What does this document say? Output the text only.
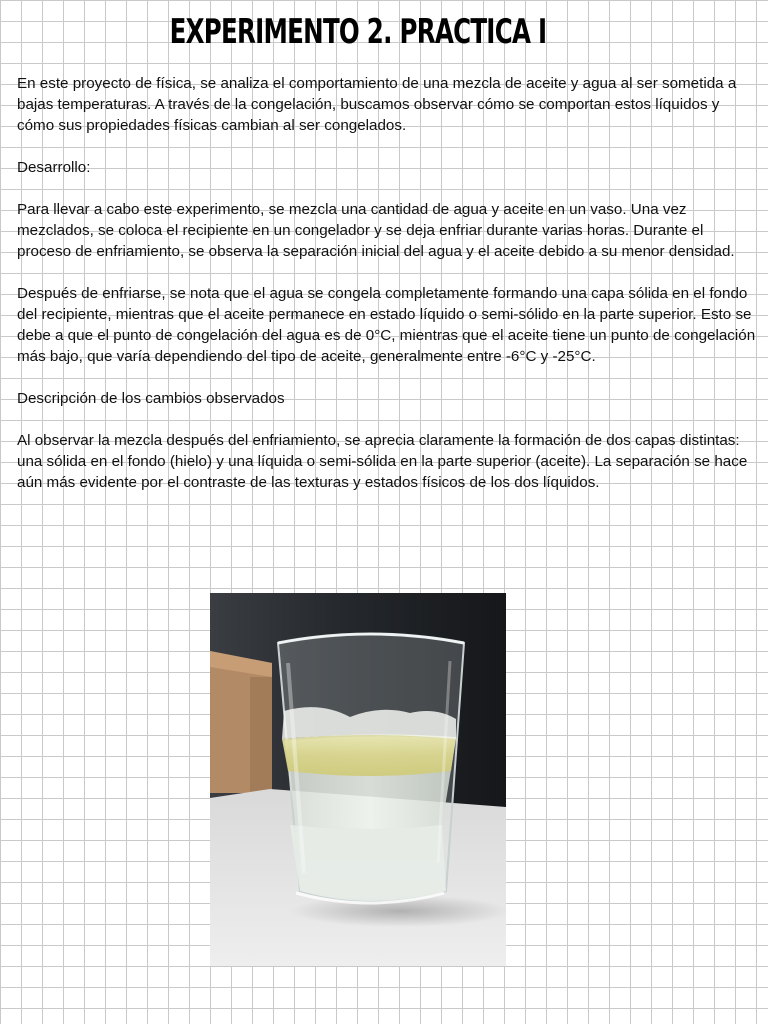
EXPERIMENTO 2. PRACTICA I

En este proyecto de física, se analiza el comportamiento de una mezcla de aceite y agua al ser sometida a bajas temperaturas. A través de la congelación, buscamos observar cómo se comportan estos líquidos y cómo sus propiedades físicas cambian al ser congelados.

Desarrollo:

Para llevar a cabo este experimento, se mezcla una cantidad de agua y aceite en un vaso. Una vez mezclados, se coloca el recipiente en un congelador y se deja enfriar durante varias horas. Durante el proceso de enfriamiento, se observa la separación inicial del agua y el aceite debido a su menor densidad.

Después de enfriarse, se nota que el agua se congela completamente formando una capa sólida en el fondo del recipiente, mientras que el aceite permanece en estado líquido o semi-sólido en la parte superior. Esto se debe a que el punto de congelación del agua es de 0°C, mientras que el aceite tiene un punto de congelación más bajo, que varía dependiendo del tipo de aceite, generalmente entre -6°C y -25°C.

Descripción de los cambios observados

Al observar la mezcla después del enfriamiento, se aprecia claramente la formación de dos capas distintas: una sólida en el fondo (hielo) y una líquida o semi-sólida en la parte superior (aceite). La separación se hace aún más evidente por el contraste de las texturas y estados físicos de los dos líquidos.
